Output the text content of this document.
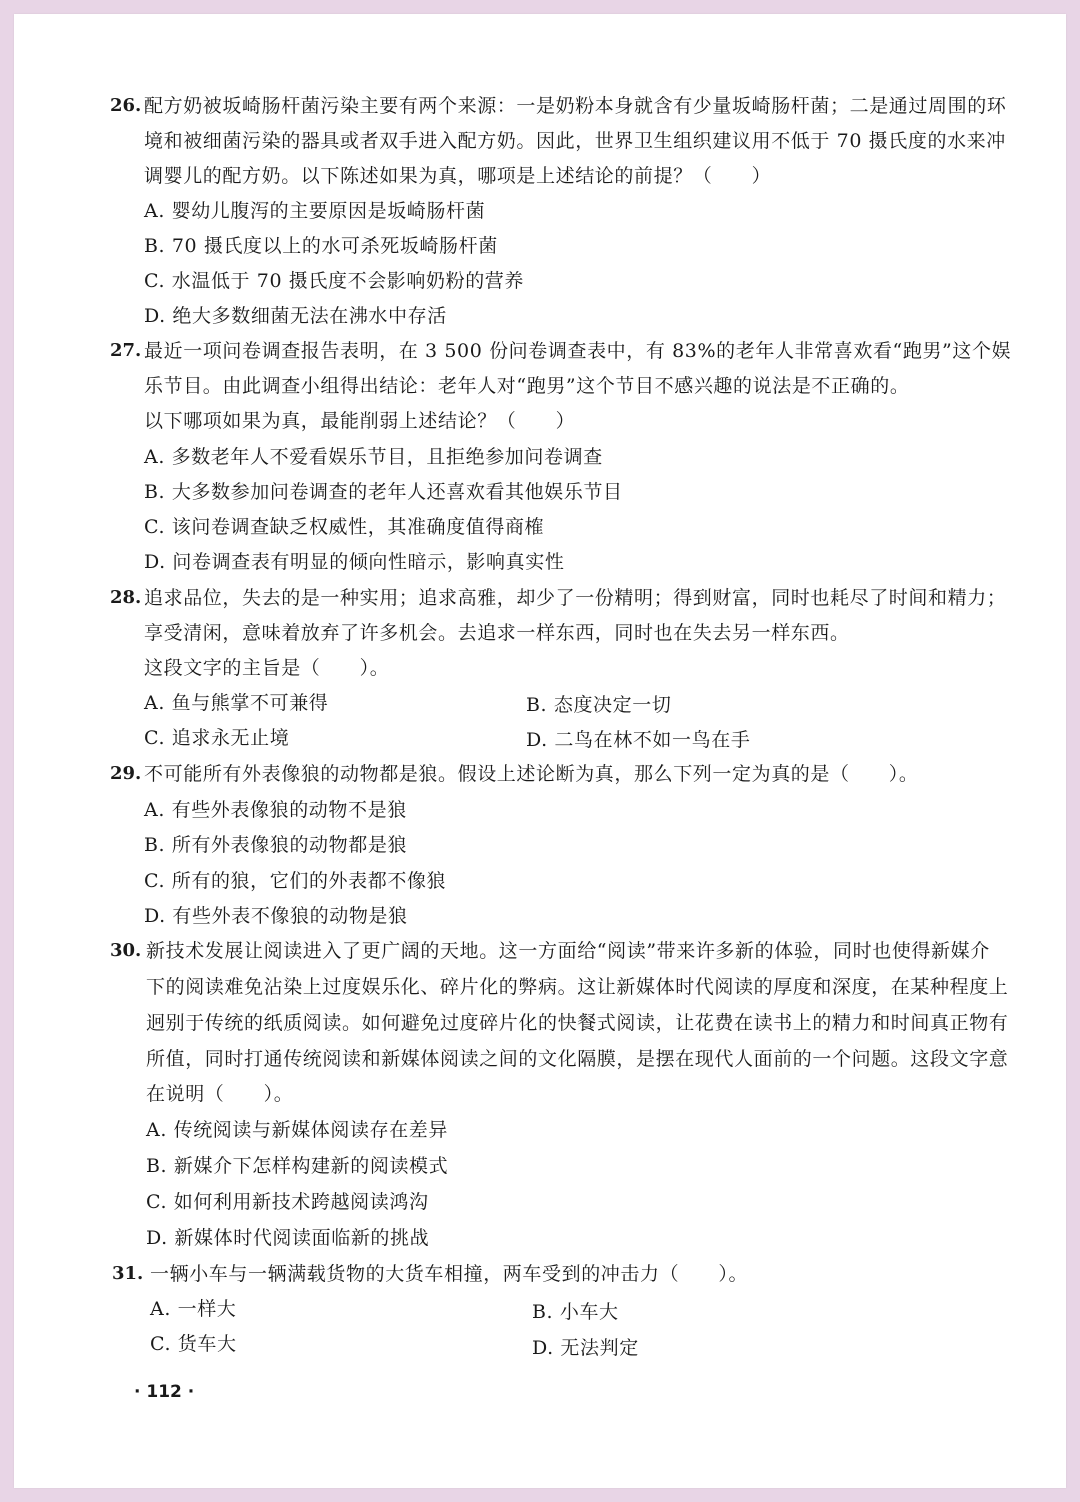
26. 配方奶被坂崎肠杆菌污染主要有两个来源：一是奶粉本身就含有少量坂崎肠杆菌；二是通过周围的环
境和被细菌污染的器具或者双手进入配方奶。因此，世界卫生组织建议用不低于 70 摄氏度的水来冲
调婴儿的配方奶。以下陈述如果为真，哪项是上述结论的前提？（　　）
A. 婴幼儿腹泻的主要原因是坂崎肠杆菌
B. 70 摄氏度以上的水可杀死坂崎肠杆菌
C. 水温低于 70 摄氏度不会影响奶粉的营养
D. 绝大多数细菌无法在沸水中存活
27. 最近一项问卷调查报告表明，在 3 500 份问卷调查表中，有 83%的老年人非常喜欢看“跑男”这个娱
乐节目。由此调查小组得出结论：老年人对“跑男”这个节目不感兴趣的说法是不正确的。
以下哪项如果为真，最能削弱上述结论？（　　）
A. 多数老年人不爱看娱乐节目，且拒绝参加问卷调查
B. 大多数参加问卷调查的老年人还喜欢看其他娱乐节目
C. 该问卷调查缺乏权威性，其准确度值得商榷
D. 问卷调查表有明显的倾向性暗示，影响真实性
28. 追求品位，失去的是一种实用；追求高雅，却少了一份精明；得到财富，同时也耗尽了时间和精力；
享受清闲，意味着放弃了许多机会。去追求一样东西，同时也在失去另一样东西。
这段文字的主旨是（　　）。
A. 鱼与熊掌不可兼得	B. 态度决定一切
C. 追求永无止境	D. 二鸟在林不如一鸟在手
29. 不可能所有外表像狼的动物都是狼。假设上述论断为真，那么下列一定为真的是（　　）。
A. 有些外表像狼的动物不是狼
B. 所有外表像狼的动物都是狼
C. 所有的狼，它们的外表都不像狼
D. 有些外表不像狼的动物是狼
30. 新技术发展让阅读进入了更广阔的天地。这一方面给“阅读”带来许多新的体验，同时也使得新媒介
下的阅读难免沾染上过度娱乐化、碎片化的弊病。这让新媒体时代阅读的厚度和深度，在某种程度上
迥别于传统的纸质阅读。如何避免过度碎片化的快餐式阅读，让花费在读书上的精力和时间真正物有
所值，同时打通传统阅读和新媒体阅读之间的文化隔膜，是摆在现代人面前的一个问题。这段文字意
在说明（　　）。
A. 传统阅读与新媒体阅读存在差异
B. 新媒介下怎样构建新的阅读模式
C. 如何利用新技术跨越阅读鸿沟
D. 新媒体时代阅读面临新的挑战
31. 一辆小车与一辆满载货物的大货车相撞，两车受到的冲击力（　　）。
A. 一样大	B. 小车大
C. 货车大	D. 无法判定
· 112 ·
